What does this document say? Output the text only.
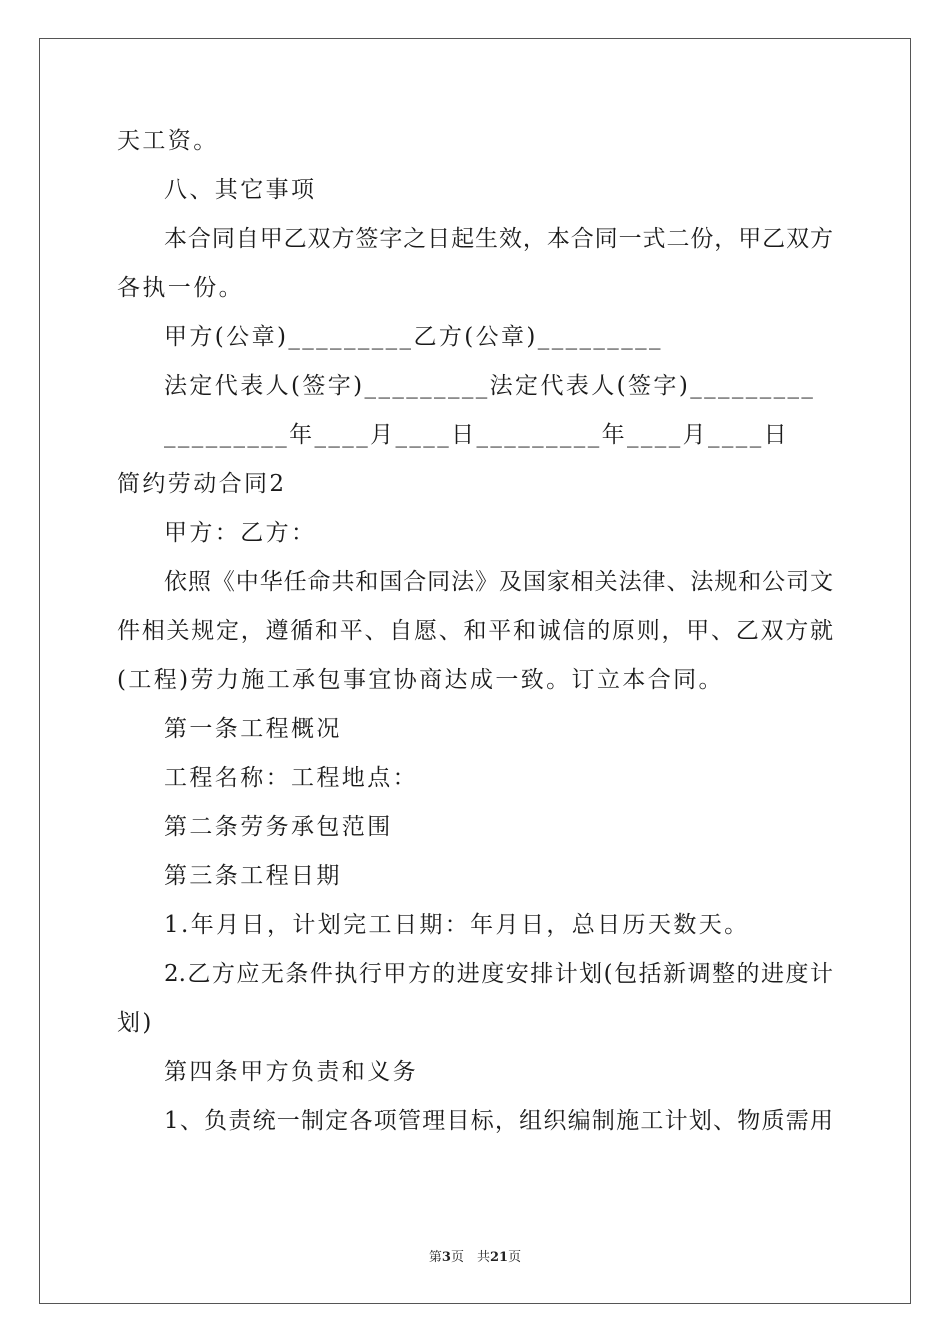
天工资。
八、其它事项
本合同自甲乙双方签字之日起生效，本合同一式二份，甲乙双方
各执一份。
甲方(公章)_________乙方(公章)_________
法定代表人(签字)_________法定代表人(签字)_________
_________年____月____日_________年____月____日
简约劳动合同2
甲方：乙方：
依照《中华任命共和国合同法》及国家相关法律、法规和公司文
件相关规定，遵循和平、自愿、和平和诚信的原则，甲、乙双方就
(工程)劳力施工承包事宜协商达成一致。订立本合同。
第一条工程概况
工程名称：工程地点：
第二条劳务承包范围
第三条工程日期
1.年月日，计划完工日期：年月日，总日历天数天。
2.乙方应无条件执行甲方的进度安排计划(包括新调整的进度计
划)
第四条甲方负责和义务
1、负责统一制定各项管理目标，组织编制施工计划、物质需用
第3页　共21页
